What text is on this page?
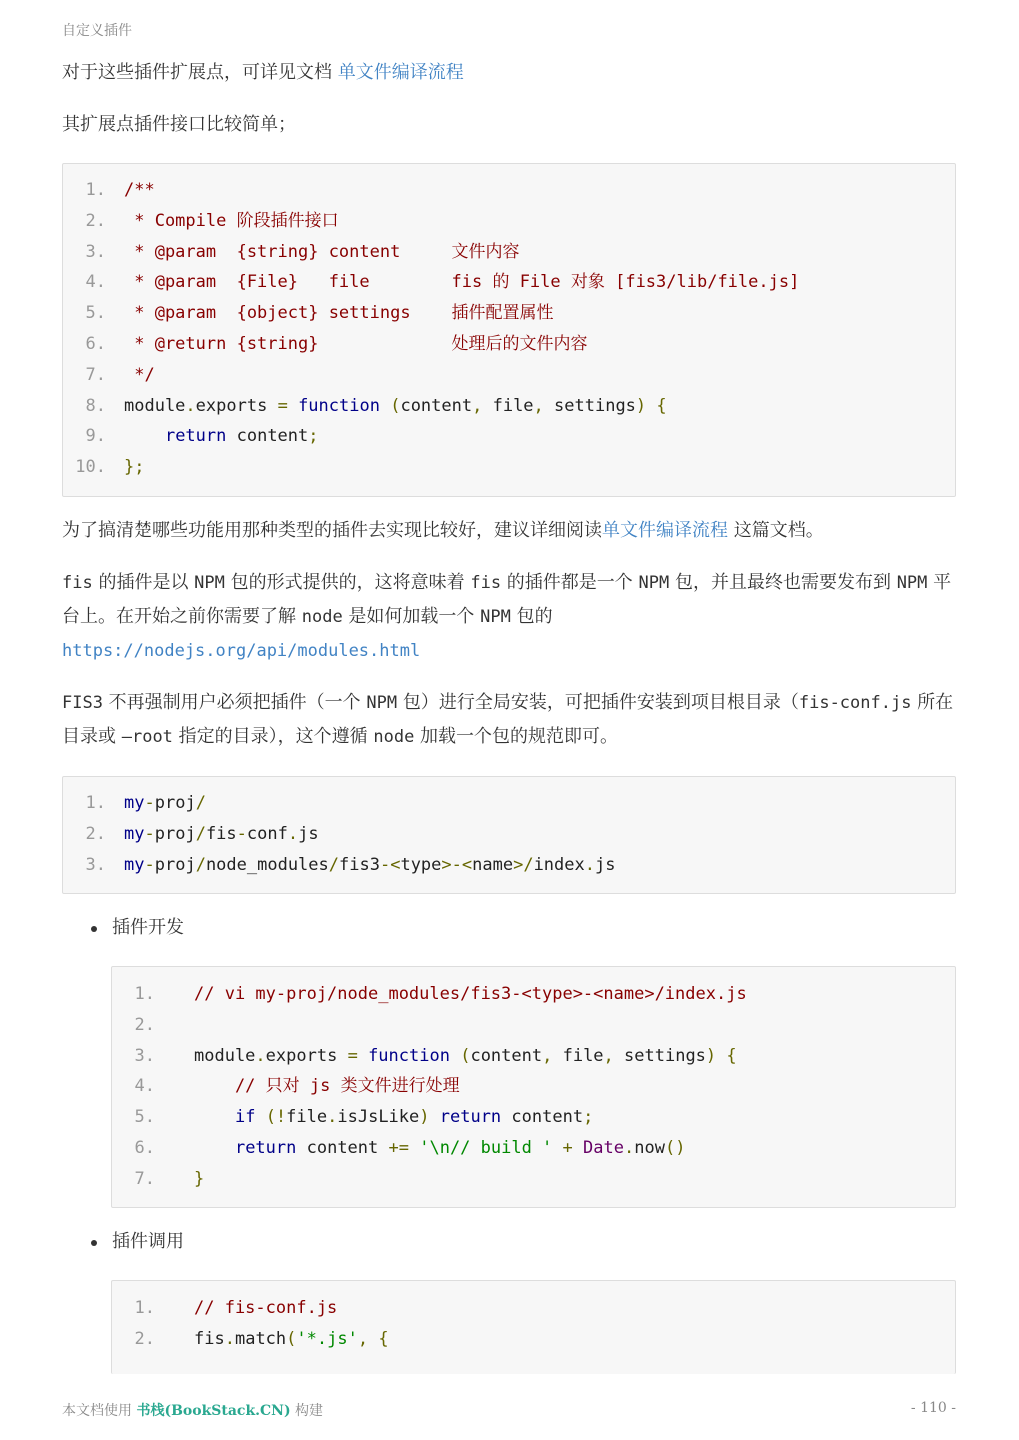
自定义插件

对于这些插件扩展点，可详见文档 单文件编译流程

其扩展点插件接口比较简单；

1. /**
2. * Compile 阶段插件接口
3. * @param  {string} content     文件内容
4. * @param  {File}   file        fis 的 File 对象 [fis3/lib/file.js]
5. * @param  {object} settings    插件配置属性
6. * @return {string}             处理后的文件内容
7. */
8. module . exports =
function
( content , file , settings )
{
9.
	return content ;
10. };

为了搞清楚哪些功能用那种类型的插件去实现比较好，建议详细阅读单文件编译流程 这篇文档。

fis 的插件是以 NPM 包的形式提供的，这将意味着 fis 的插件都是一个 NPM 包，并且最终也需要发布到 NPM 平台上。在开始之前你需要了解 node 是如何加载一个 NPM 包的
https://nodejs.org/api/modules.html

FIS3 不再强制用户必须把插件（一个 NPM 包）进行全局安装，可把插件安装到项目根目录（fis-conf.js 所在目录或 —root 指定的目录），这个遵循 node 加载一个包的规范即可。

1. my - proj /
2. my - proj / fis - conf . js
3. my - proj / node_modules / fis3 -< type >-< name >/ index . js
插件开发
1. // vi my-proj/node_modules/fis3-<type>-<name>/index.js
2.
3. module . exports =
function
( content , file , settings )
{
4. // 只对 js 类文件进行处理
5.
	if
(! file . isJsLike ) return content ;
6.
	return content +=
'\n// build '
+
Date . now ()
7. }
插件调用
1. // fis-conf.js
2. fis . match ( '*.js' ,
{
本文档使用 书栈(BookStack.CN) 构建	- 110 -
